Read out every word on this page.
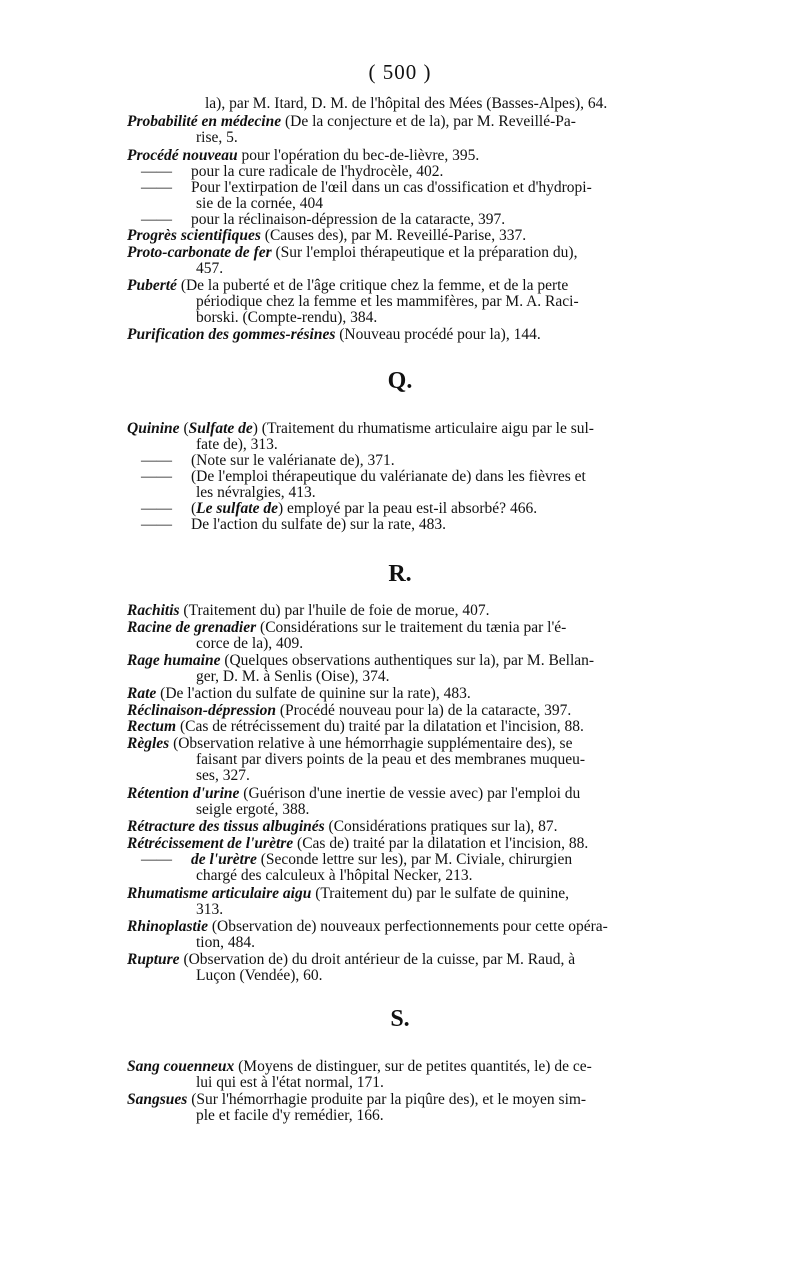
( 500 )
la), par M. Itard, D. M. de l'hôpital des Mées (Basses-Alpes), 64.
Probabilité en médecine (De la conjecture et de la), par M. Reveillé-Pa-
rise, 5.
Procédé nouveau pour l'opération du bec-de-lièvre, 395.
—— pour la cure radicale de l'hydrocèle, 402.
—— Pour l'extirpation de l'œil dans un cas d'ossification et d'hydropi-
sie de la cornée, 404
—— pour la réclinaison-dépression de la cataracte, 397.
Progrès scientifiques (Causes des), par M. Reveillé-Parise, 337.
Proto-carbonate de fer (Sur l'emploi thérapeutique et la préparation du),
457.
Puberté (De la puberté et de l'âge critique chez la femme, et de la perte
périodique chez la femme et les mammifères, par M. A. Raci-
borski. (Compte-rendu), 384.
Purification des gommes-résines (Nouveau procédé pour la), 144.
Q.
Quinine (Sulfate de) (Traitement du rhumatisme articulaire aigu par le sul-
fate de), 313.
—— (Note sur le valérianate de), 371.
—— (De l'emploi thérapeutique du valérianate de) dans les fièvres et
les névralgies, 413.
—— (Le sulfate de) employé par la peau est-il absorbé? 466.
—— De l'action du sulfate de) sur la rate, 483.
R.
Rachitis (Traitement du) par l'huile de foie de morue, 407.
Racine de grenadier (Considérations sur le traitement du tænia par l'é-
corce de la), 409.
Rage humaine (Quelques observations authentiques sur la), par M. Bellan-
ger, D. M. à Senlis (Oise), 374.
Rate (De l'action du sulfate de quinine sur la rate), 483.
Réclinaison-dépression (Procédé nouveau pour la) de la cataracte, 397.
Rectum (Cas de rétrécissement du) traité par la dilatation et l'incision, 88.
Règles (Observation relative à une hémorrhagie supplémentaire des), se
faisant par divers points de la peau et des membranes muqueu-
ses, 327.
Rétention d'urine (Guérison d'une inertie de vessie avec) par l'emploi du
seigle ergoté, 388.
Rétracture des tissus albuginés (Considérations pratiques sur la), 87.
Rétrécissement de l'urètre (Cas de) traité par la dilatation et l'incision, 88.
—— de l'urètre (Seconde lettre sur les), par M. Civiale, chirurgien
chargé des calculeux à l'hôpital Necker, 213.
Rhumatisme articulaire aigu (Traitement du) par le sulfate de quinine,
313.
Rhinoplastie (Observation de) nouveaux perfectionnements pour cette opéra-
tion, 484.
Rupture (Observation de) du droit antérieur de la cuisse, par M. Raud, à
Luçon (Vendée), 60.
S.
Sang couenneux (Moyens de distinguer, sur de petites quantités, le) de ce-
lui qui est à l'état normal, 171.
Sangsues (Sur l'hémorrhagie produite par la piqûre des), et le moyen sim-
ple et facile d'y remédier, 166.
